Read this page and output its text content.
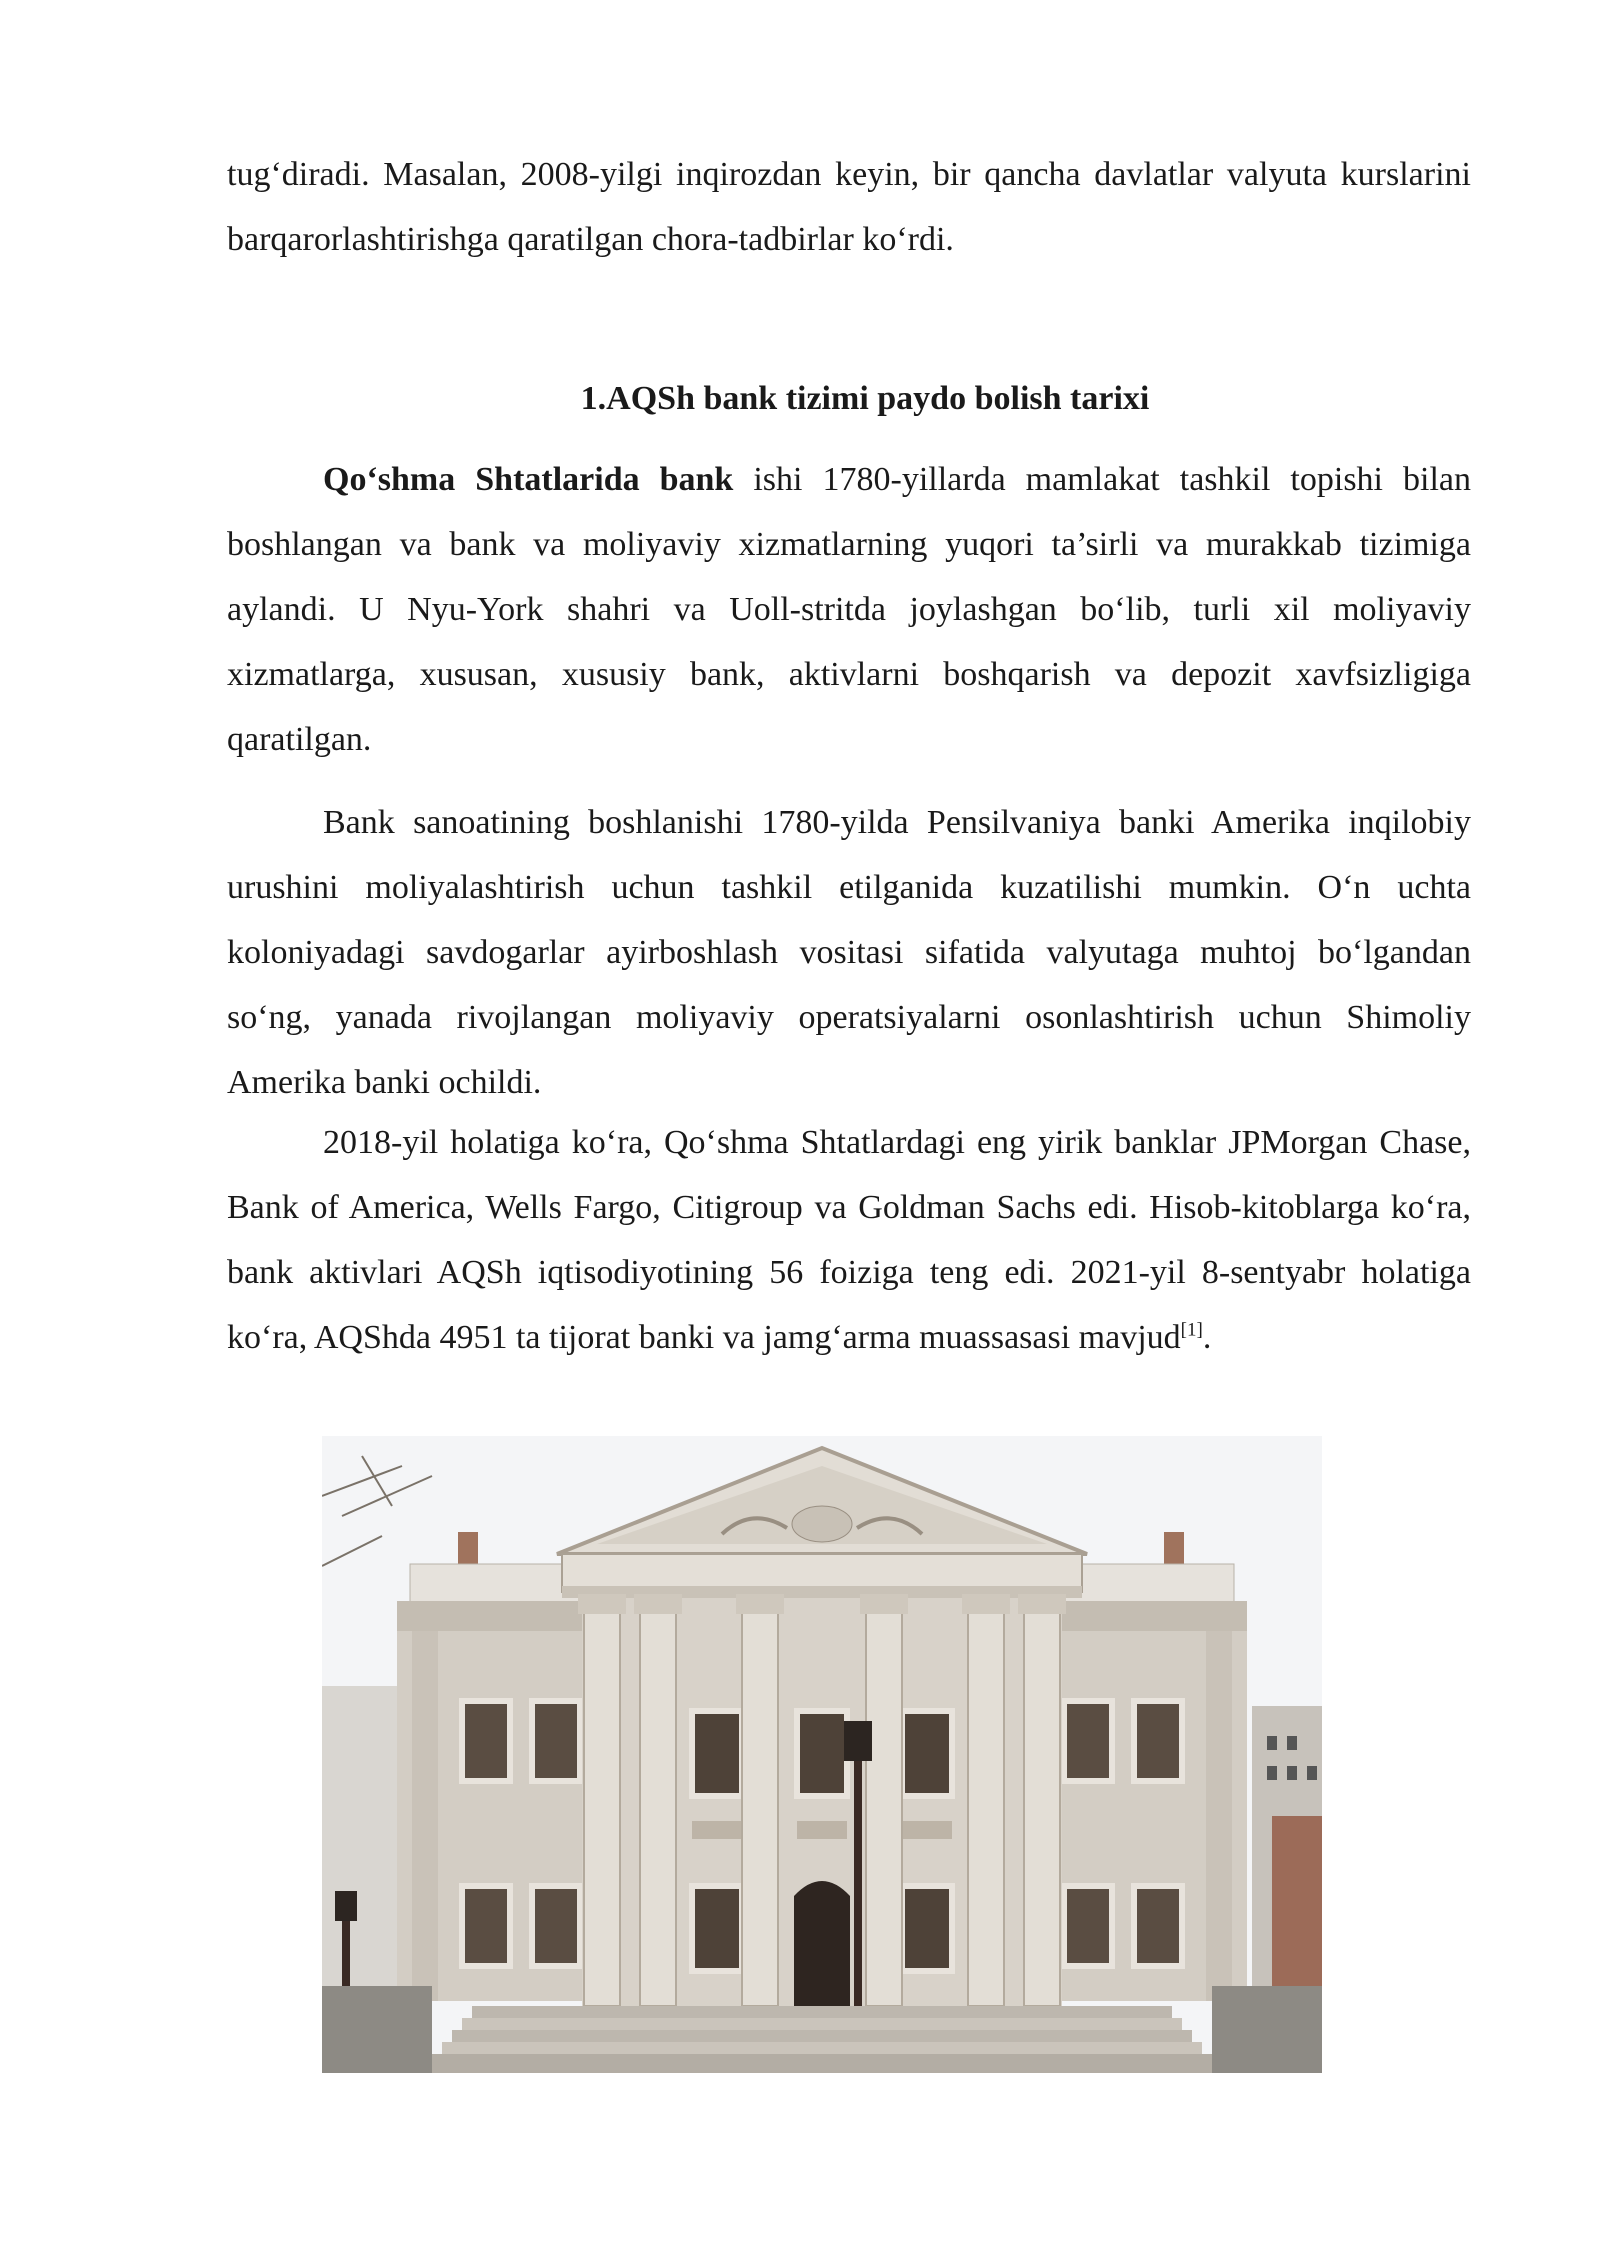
tug‘diradi. Masalan, 2008-yilgi inqirozdan keyin, bir qancha davlatlar valyuta kurslarini barqarorlashtirishga qaratilgan chora-tadbirlar ko‘rdi.

1.AQSh bank tizimi paydo bolish tarixi

Qo‘shma Shtatlarida bank ishi 1780-yillarda mamlakat tashkil topishi bilan boshlangan va bank va moliyaviy xizmatlarning yuqori ta’sirli va murakkab tizimiga aylandi. U Nyu-York shahri va Uoll-stritda joylashgan bo‘lib, turli xil moliyaviy xizmatlarga, xususan, xususiy bank, aktivlarni boshqarish va depozit xavfsizligiga qaratilgan.

Bank sanoatining boshlanishi 1780-yilda Pensilvaniya banki Amerika inqilobiy urushini moliyalashtirish uchun tashkil etilganida kuzatilishi mumkin. O‘n uchta koloniyadagi savdogarlar ayirboshlash vositasi sifatida valyutaga muhtoj bo‘lgandan so‘ng, yanada rivojlangan moliyaviy operatsiyalarni osonlashtirish uchun Shimoliy Amerika banki ochildi.

2018-yil holatiga ko‘ra, Qo‘shma Shtatlardagi eng yirik banklar JPMorgan Chase, Bank of America, Wells Fargo, Citigroup va Goldman Sachs edi. Hisob-kitoblarga ko‘ra, bank aktivlari AQSh iqtisodiyotining 56 foiziga teng edi. 2021-yil 8-sentyabr holatiga ko‘ra, AQShda 4951 ta tijorat banki va jamg‘arma muassasasi mavjud[1].
